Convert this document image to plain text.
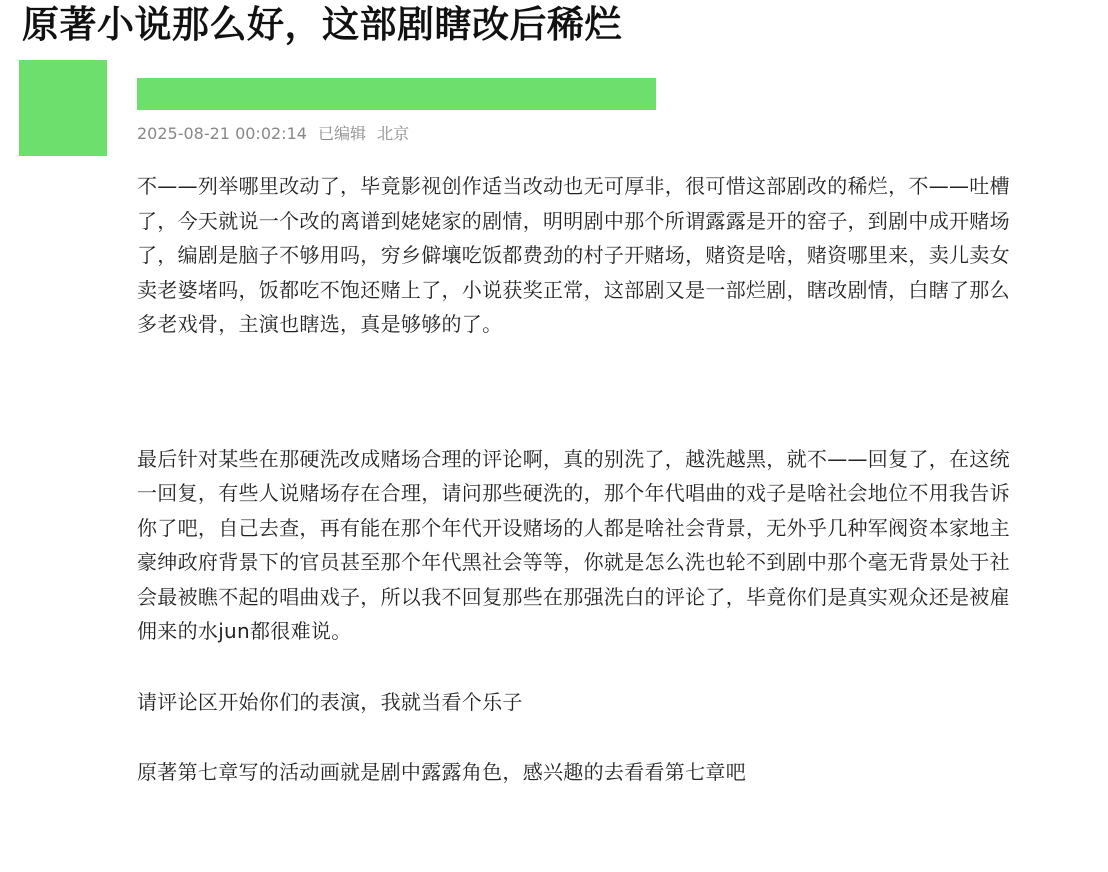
原著小说那么好，这部剧瞎改后稀烂
2025-08-21 00:02:14 已编辑 北京

不——列举哪里改动了，毕竟影视创作适当改动也无可厚非，很可惜这部剧改的稀烂，不——吐槽
了，今天就说一个改的离谱到姥姥家的剧情，明明剧中那个所谓露露是开的窑子，到剧中成开赌场
了，编剧是脑子不够用吗，穷乡僻壤吃饭都费劲的村子开赌场，赌资是啥，赌资哪里来，卖儿卖女
卖老婆堵吗，饭都吃不饱还赌上了，小说获奖正常，这部剧又是一部烂剧，瞎改剧情，白瞎了那么
多老戏骨，主演也瞎选，真是够够的了。

最后针对某些在那硬洗改成赌场合理的评论啊，真的别洗了，越洗越黑，就不——回复了，在这统
一回复，有些人说赌场存在合理，请问那些硬洗的，那个年代唱曲的戏子是啥社会地位不用我告诉
你了吧，自己去查，再有能在那个年代开设赌场的人都是啥社会背景，无外乎几种军阀资本家地主
豪绅政府背景下的官员甚至那个年代黑社会等等，你就是怎么洗也轮不到剧中那个毫无背景处于社
会最被瞧不起的唱曲戏子，所以我不回复那些在那强洗白的评论了，毕竟你们是真实观众还是被雇
佣来的水jun都很难说。

请评论区开始你们的表演，我就当看个乐子

原著第七章写的活动画就是剧中露露角色，感兴趣的去看看第七章吧
